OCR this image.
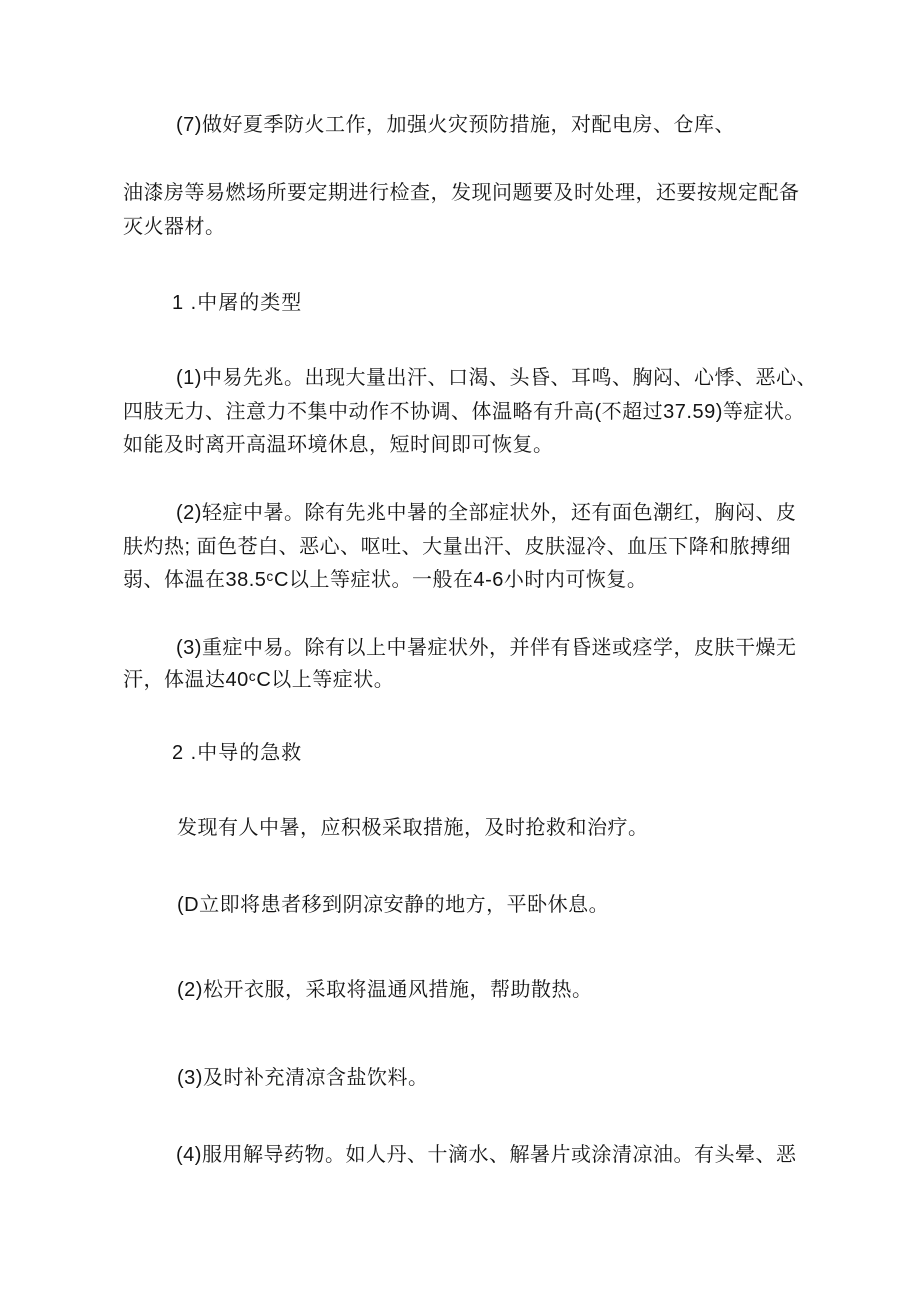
(7)做好夏季防火工作，加强火灾预防措施，对配电房、仓库、
油漆房等易燃场所要定期进行检查，发现问题要及时处理，还要按规定配备
灭火器材。
1 .中屠的类型
(1)中易先兆。出现大量出汗、口渴、头昏、耳鸣、胸闷、心悸、恶心、
四肢无力、注意力不集中动作不协调、体温略有升高(不超过37.59)等症状。
如能及时离开高温环境休息，短时间即可恢复。
(2)轻症中暑。除有先兆中暑的全部症状外，还有面色潮红，胸闷、皮
肤灼热; 面色苍白、恶心、呕吐、大量出汗、皮肤湿冷、血压下降和脓搏细
弱、体温在38.5ᶜC以上等症状。一般在4-6小时内可恢复。
(3)重症中易。除有以上中暑症状外，并伴有昏迷或痉学，皮肤干燥无
汗，体温达40ᶜC以上等症状。
2 .中导的急救
发现有人中暑，应积极采取措施，及时抢救和治疗。
(D立即将患者移到阴凉安静的地方，平卧休息。
(2)松开衣服，采取将温通风措施，帮助散热。
(3)及时补充清凉含盐饮料。
(4)服用解导药物。如人丹、十滴水、解暑片或涂清凉油。有头晕、恶
